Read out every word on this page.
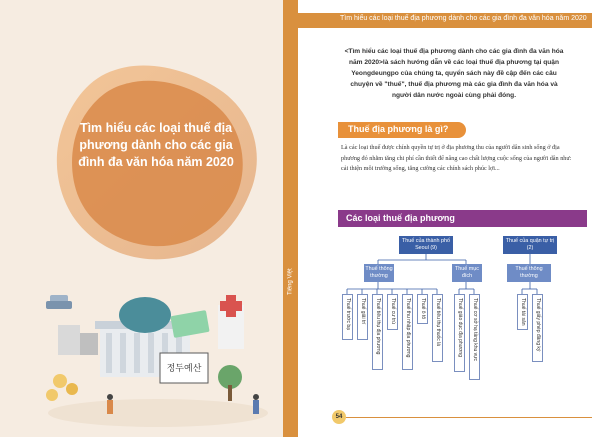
Tìm hiểu các loại thuế địa phương dành cho các gia đình đa văn hóa năm 2020
정두예산
Tiếng Việt
Tìm hiểu các loại thuế địa phương dành cho các gia đình đa văn hóa năm 2020
<Tìm hiểu các loại thuế địa phương dành cho các gia đình đa văn hóa năm 2020>là sách hướng dẫn về các loại thuế địa phương tại quận Yeongdeungpo của chúng ta, quyển sách này đề cập đến các câu chuyện về "thuế", thuế địa phương mà các gia đình đa văn hóa và người dân nước ngoài cùng phải đóng.
Thuế địa phương là gì?
Là các loại thuế được chính quyền tự trị ở địa phương thu của người dân sinh sống ở địa phương đó nhằm tăng chi phí cần thiết để nâng cao chất lượng cuộc sống của người dân như: cải thiện môi trường sống, tăng cường các chính sách phúc lợi...
Các loại thuế địa phương
Thuế của thành phố Seoul (9)
Thuế của quận tự trị (2)
Thuế thông thường
Thuế mục đích
Thuế thông thường
Thuế trước bạ Thuế giải trí Thuế tiêu thụ địa phương Thuế cư trú Thuế thu nhập địa phương Thuế ô tô Thuế tiêu thụ thuốc lá	Thuế giáo dục địa phương Thuế cơ sở hạ tầng khu vực	Thuế tài sản Thuế giấy phép đăng ký
54
